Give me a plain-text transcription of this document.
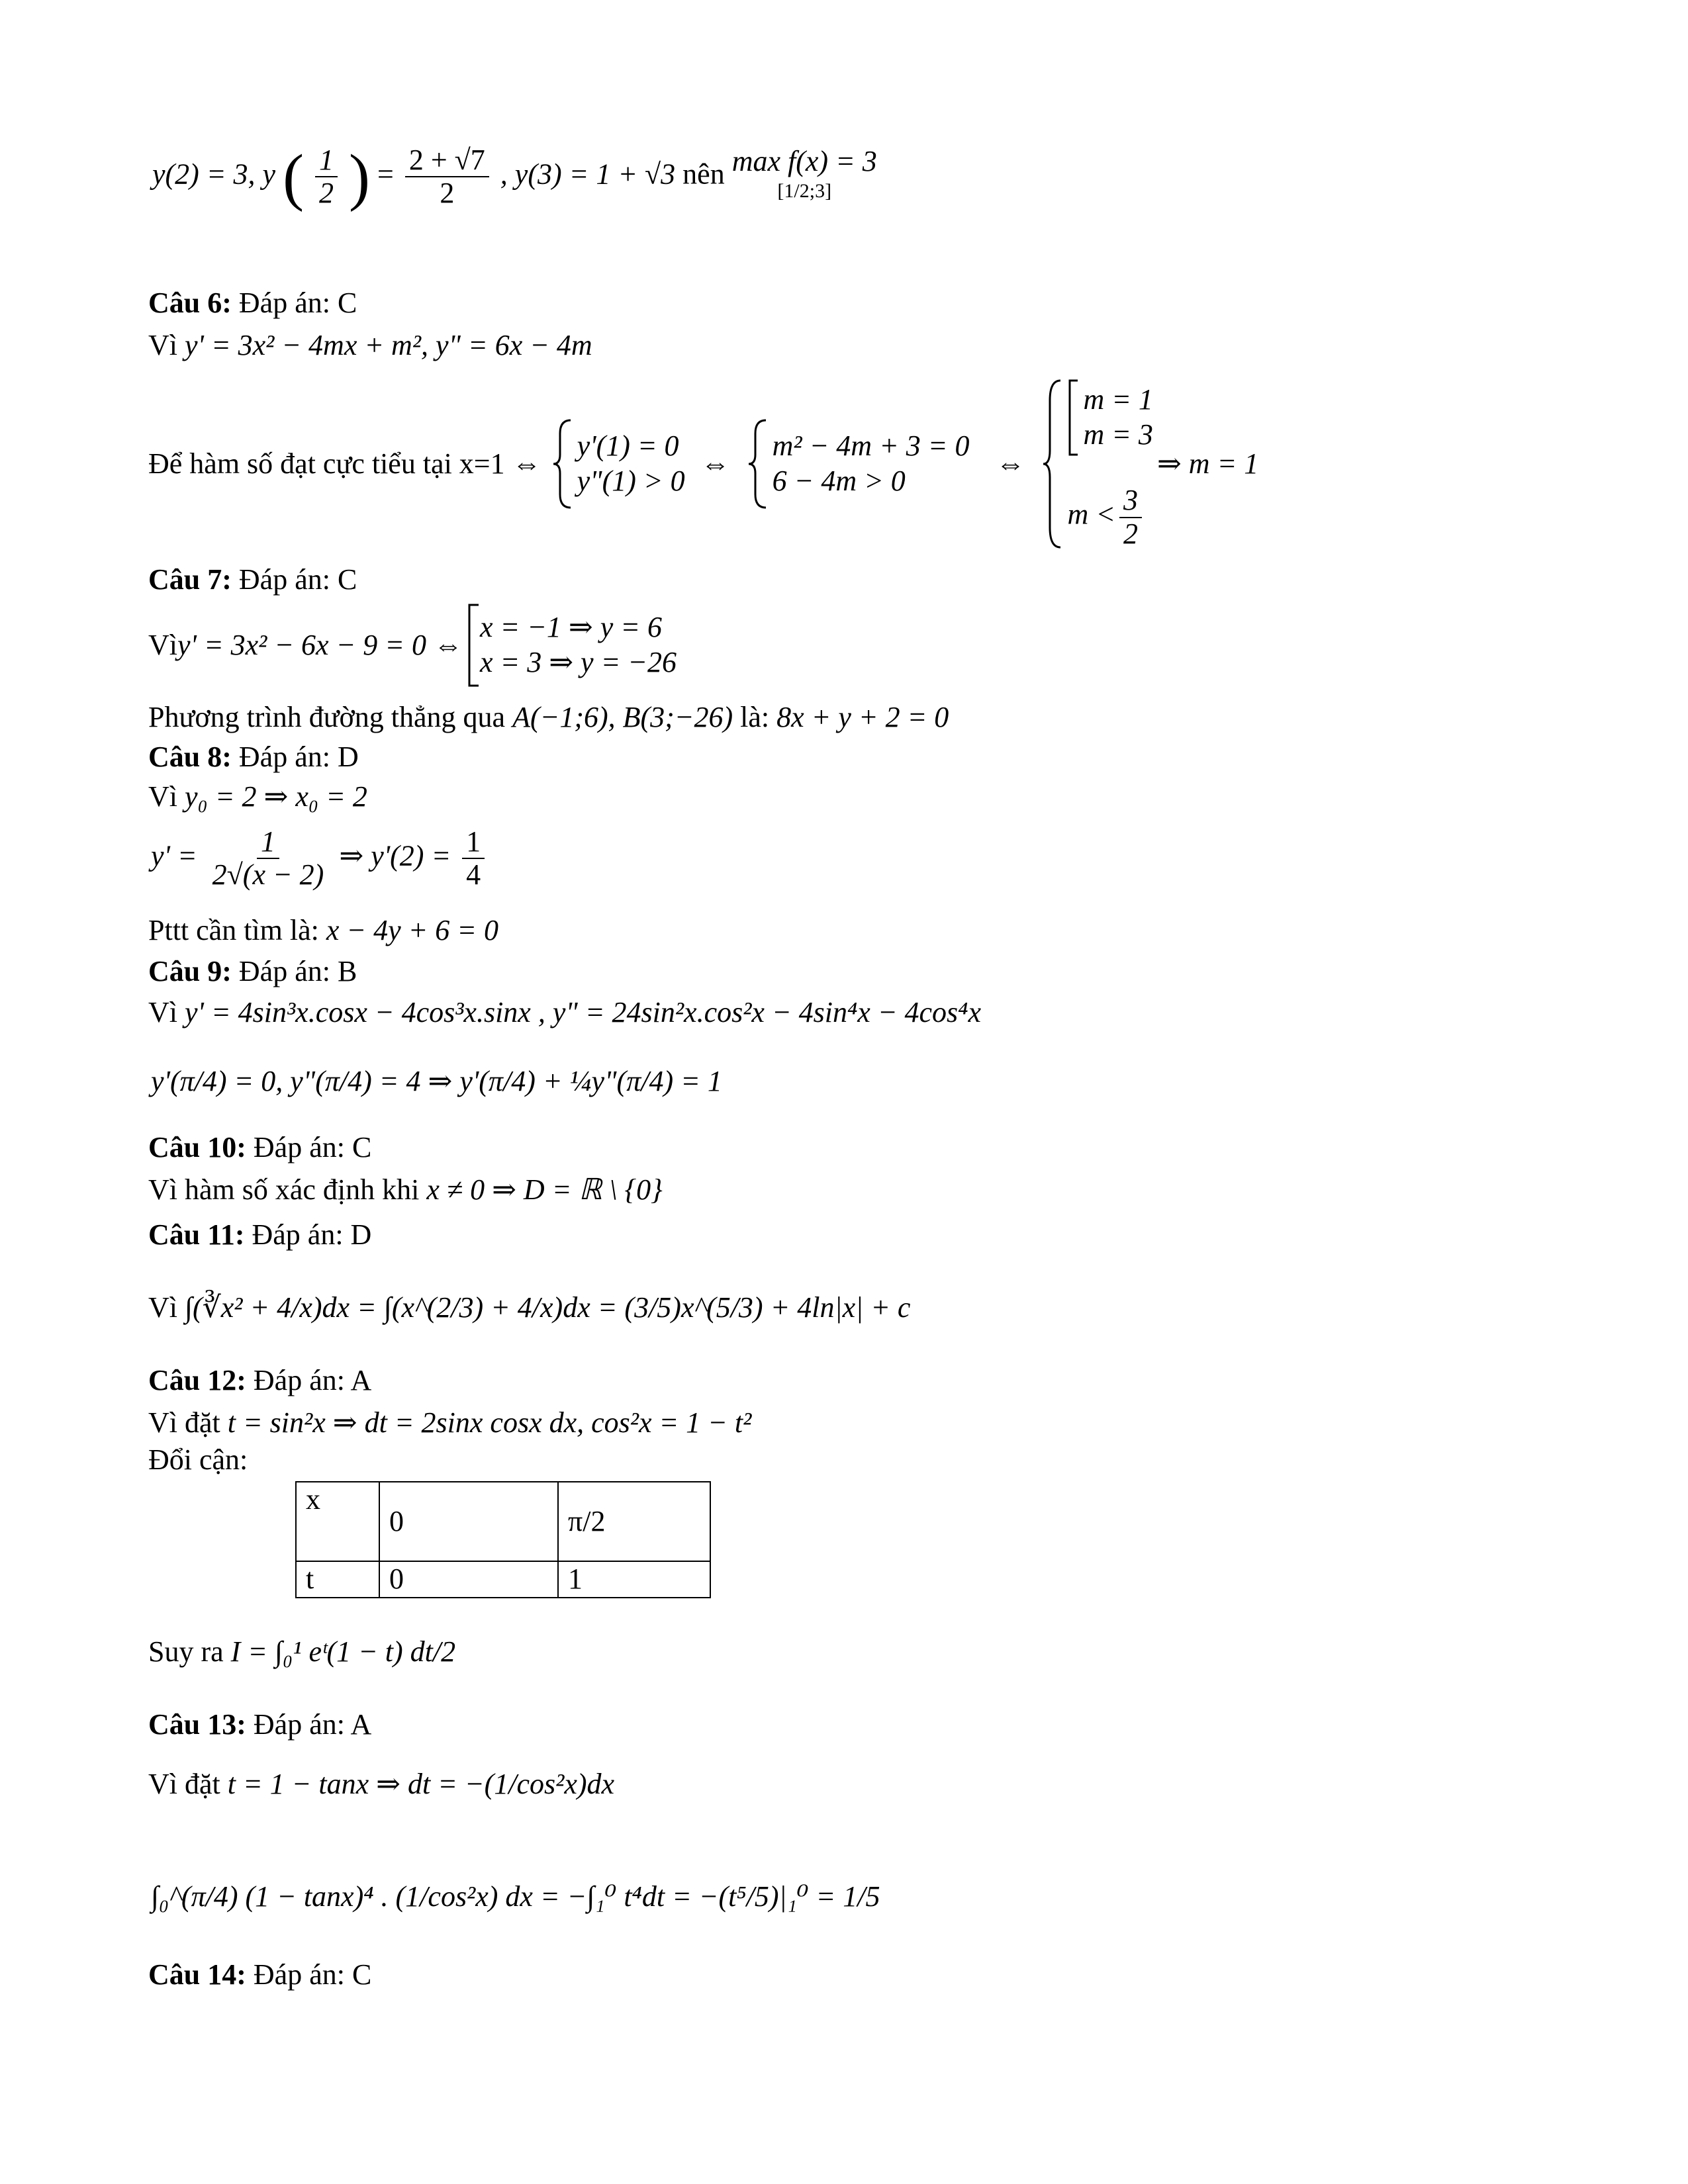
y(2) = 3, y ( $\frac{1}{2}$ ) = $\frac{2 + √7}{2}$ , y(3) = 1 + √3 nên max f(x) = 3
[1/2;3]
Câu 6: Đáp án: C
Vì y' = 3x² − 4mx + m², y" = 6x − 4m
Để hàm số đạt cực tiểu tại x=1 ⇔
y'(1) = 0
y"(1) > 0
⇔
m² − 4m + 3 = 0
6 − 4m > 0
⇔
m = 1
m = 3
$m < \frac{3}{2}$
⇒ m = 1
Câu 7: Đáp án: C
Vì y' = 3x² − 6x − 9 = 0 ⇔
x = −1 ⇒ y = 6
x = 3 ⇒ y = −26
Phương trình đường thẳng qua A(−1;6), B(3;−26) là: 8x + y + 2 = 0
Câu 8: Đáp án: D
Vì y₀ = 2 ⇒ x₀ = 2
$y' = \frac{1}{2√(x - 2)}$ ⇒ $y'(2) = \frac{1}{4}$
Pttt cần tìm là: x − 4y + 6 = 0
Câu 9: Đáp án: B
Vì y' = 4sin³x.cosx − 4cos³x.sinx , y" = 24sin²x.cos²x − 4sin⁴x − 4cos⁴x
y'(π/4) = 0, y"(π/4) = 4 ⇒ y'(π/4) + ¼y"(π/4) = 1
Câu 10: Đáp án: C
Vì hàm số xác định khi x ≠ 0 ⇒ D = ℝ \ {0}
Câu 11: Đáp án: D
Vì ∫(∛x² + 4/x)dx = ∫(x^(2/3) + 4/x)dx = (3/5)x^(5/3) + 4ln|x| + c
Câu 12: Đáp án: A
Vì đặt t = sin²x ⇒ dt = 2sinx cosx dx, cos²x = 1 − t²
Đổi cận:
x	0	π/2
t	0	1
Suy ra I = ∫₀¹ eᵗ(1 − t) dt/2
Câu 13: Đáp án: A
Vì đặt t = 1 − tanx ⇒ dt = −(1/cos²x)dx
∫₀^(π/4) (1 − tanx)⁴ . (1/cos²x) dx = −∫₁⁰ t⁴dt = −(t⁵/5)|₁⁰ = 1/5
Câu 14: Đáp án: C
